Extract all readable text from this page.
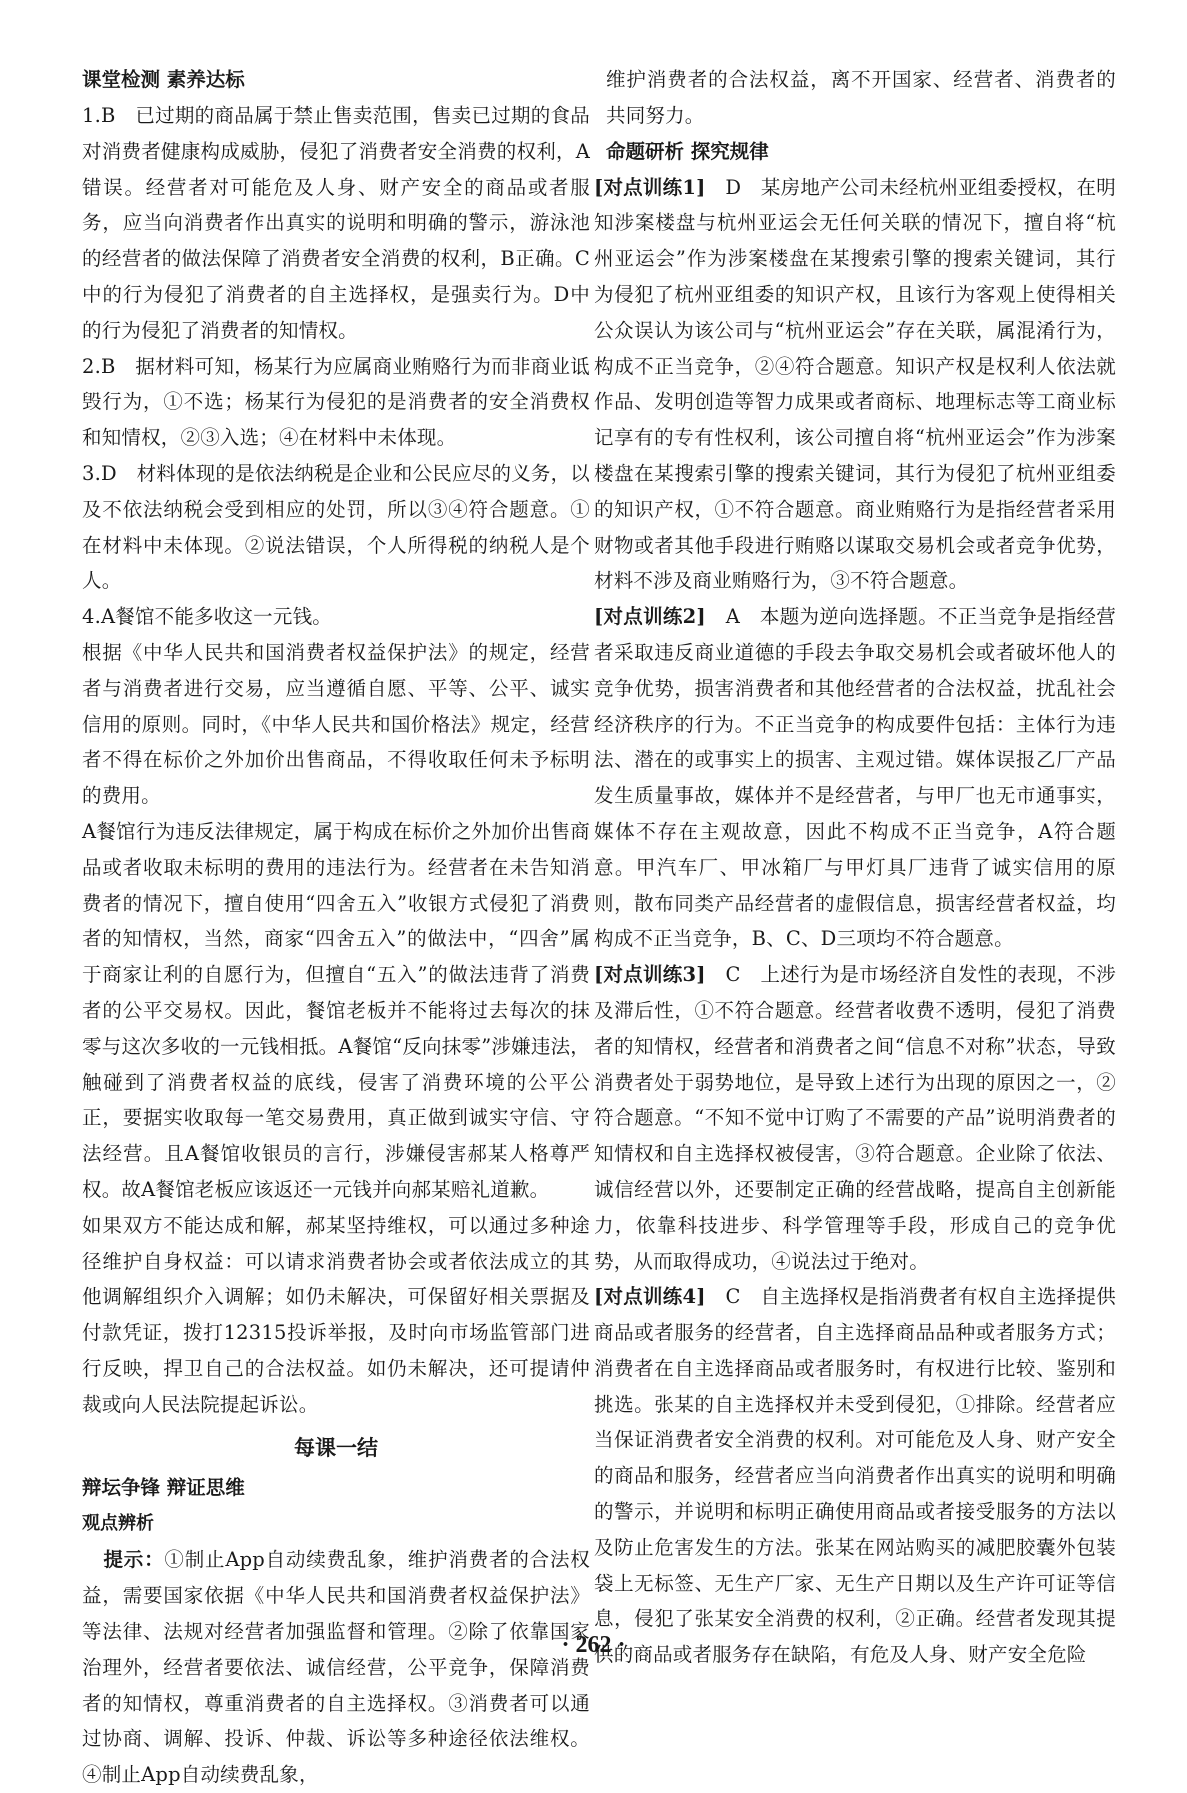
课堂检测 素养达标

1.B　已过期的商品属于禁止售卖范围，售卖已过期的食品对消费者健康构成威胁，侵犯了消费者安全消费的权利，A错误。经营者对可能危及人身、财产安全的商品或者服务，应当向消费者作出真实的说明和明确的警示，游泳池的经营者的做法保障了消费者安全消费的权利，B正确。C中的行为侵犯了消费者的自主选择权，是强卖行为。D中的行为侵犯了消费者的知情权。

2.B　据材料可知，杨某行为应属商业贿赂行为而非商业诋毁行为，①不选；杨某行为侵犯的是消费者的安全消费权和知情权，②③入选；④在材料中未体现。

3.D　材料体现的是依法纳税是企业和公民应尽的义务，以及不依法纳税会受到相应的处罚，所以③④符合题意。①在材料中未体现。②说法错误，个人所得税的纳税人是个人。

4.A餐馆不能多收这一元钱。

根据《中华人民共和国消费者权益保护法》的规定，经营者与消费者进行交易，应当遵循自愿、平等、公平、诚实信用的原则。同时，《中华人民共和国价格法》规定，经营者不得在标价之外加价出售商品，不得收取任何未予标明的费用。

A餐馆行为违反法律规定，属于构成在标价之外加价出售商品或者收取未标明的费用的违法行为。经营者在未告知消费者的情况下，擅自使用“四舍五入”收银方式侵犯了消费者的知情权，当然，商家“四舍五入”的做法中，“四舍”属于商家让利的自愿行为，但擅自“五入”的做法违背了消费者的公平交易权。因此，餐馆老板并不能将过去每次的抹零与这次多收的一元钱相抵。A餐馆“反向抹零”涉嫌违法，触碰到了消费者权益的底线，侵害了消费环境的公平公正，要据实收取每一笔交易费用，真正做到诚实守信、守法经营。且A餐馆收银员的言行，涉嫌侵害郝某人格尊严权。故A餐馆老板应该返还一元钱并向郝某赔礼道歉。

如果双方不能达成和解，郝某坚持维权，可以通过多种途径维护自身权益：可以请求消费者协会或者依法成立的其他调解组织介入调解；如仍未解决，可保留好相关票据及付款凭证，拨打12315投诉举报，及时向市场监管部门进行反映，捍卫自己的合法权益。如仍未解决，还可提请仲裁或向人民法院提起诉讼。

每课一结

辩坛争锋 辩证思维

观点辨析

提示：①制止App自动续费乱象，维护消费者的合法权益，需要国家依据《中华人民共和国消费者权益保护法》等法律、法规对经营者加强监督和管理。②除了依靠国家治理外，经营者要依法、诚信经营，公平竞争，保障消费者的知情权，尊重消费者的自主选择权。③消费者可以通过协商、调解、投诉、仲裁、诉讼等多种途径依法维权。④制止App自动续费乱象，

维护消费者的合法权益，离不开国家、经营者、消费者的共同努力。

命题研析 探究规律

[对点训练1]　D　某房地产公司未经杭州亚组委授权，在明知涉案楼盘与杭州亚运会无任何关联的情况下，擅自将“杭州亚运会”作为涉案楼盘在某搜索引擎的搜索关键词，其行为侵犯了杭州亚组委的知识产权，且该行为客观上使得相关公众误认为该公司与“杭州亚运会”存在关联，属混淆行为，构成不正当竞争，②④符合题意。知识产权是权利人依法就作品、发明创造等智力成果或者商标、地理标志等工商业标记享有的专有性权利，该公司擅自将“杭州亚运会”作为涉案楼盘在某搜索引擎的搜索关键词，其行为侵犯了杭州亚组委的知识产权，①不符合题意。商业贿赂行为是指经营者采用财物或者其他手段进行贿赂以谋取交易机会或者竞争优势，材料不涉及商业贿赂行为，③不符合题意。

[对点训练2]　A　本题为逆向选择题。不正当竞争是指经营者采取违反商业道德的手段去争取交易机会或者破坏他人的竞争优势，损害消费者和其他经营者的合法权益，扰乱社会经济秩序的行为。不正当竞争的构成要件包括：主体行为违法、潜在的或事实上的损害、主观过错。媒体误报乙厂产品发生质量事故，媒体并不是经营者，与甲厂也无市通事实，媒体不存在主观故意，因此不构成不正当竞争，A符合题意。甲汽车厂、甲冰箱厂与甲灯具厂违背了诚实信用的原则，散布同类产品经营者的虚假信息，损害经营者权益，均构成不正当竞争，B、C、D三项均不符合题意。

[对点训练3]　C　上述行为是市场经济自发性的表现，不涉及滞后性，①不符合题意。经营者收费不透明，侵犯了消费者的知情权，经营者和消费者之间“信息不对称”状态，导致消费者处于弱势地位，是导致上述行为出现的原因之一，②符合题意。“不知不觉中订购了不需要的产品”说明消费者的知情权和自主选择权被侵害，③符合题意。企业除了依法、诚信经营以外，还要制定正确的经营战略，提高自主创新能力，依靠科技进步、科学管理等手段，形成自己的竞争优势，从而取得成功，④说法过于绝对。

[对点训练4]　C　自主选择权是指消费者有权自主选择提供商品或者服务的经营者，自主选择商品品种或者服务方式；消费者在自主选择商品或者服务时，有权进行比较、鉴别和挑选。张某的自主选择权并未受到侵犯，①排除。经营者应当保证消费者安全消费的权利。对可能危及人身、财产安全的商品和服务，经营者应当向消费者作出真实的说明和明确的警示，并说明和标明正确使用商品或者接受服务的方法以及防止危害发生的方法。张某在网站购买的减肥胶囊外包装袋上无标签、无生产厂家、无生产日期以及生产许可证等信息，侵犯了张某安全消费的权利，②正确。经营者发现其提供的商品或者服务存在缺陷，有危及人身、财产安全危险

· 262 ·
